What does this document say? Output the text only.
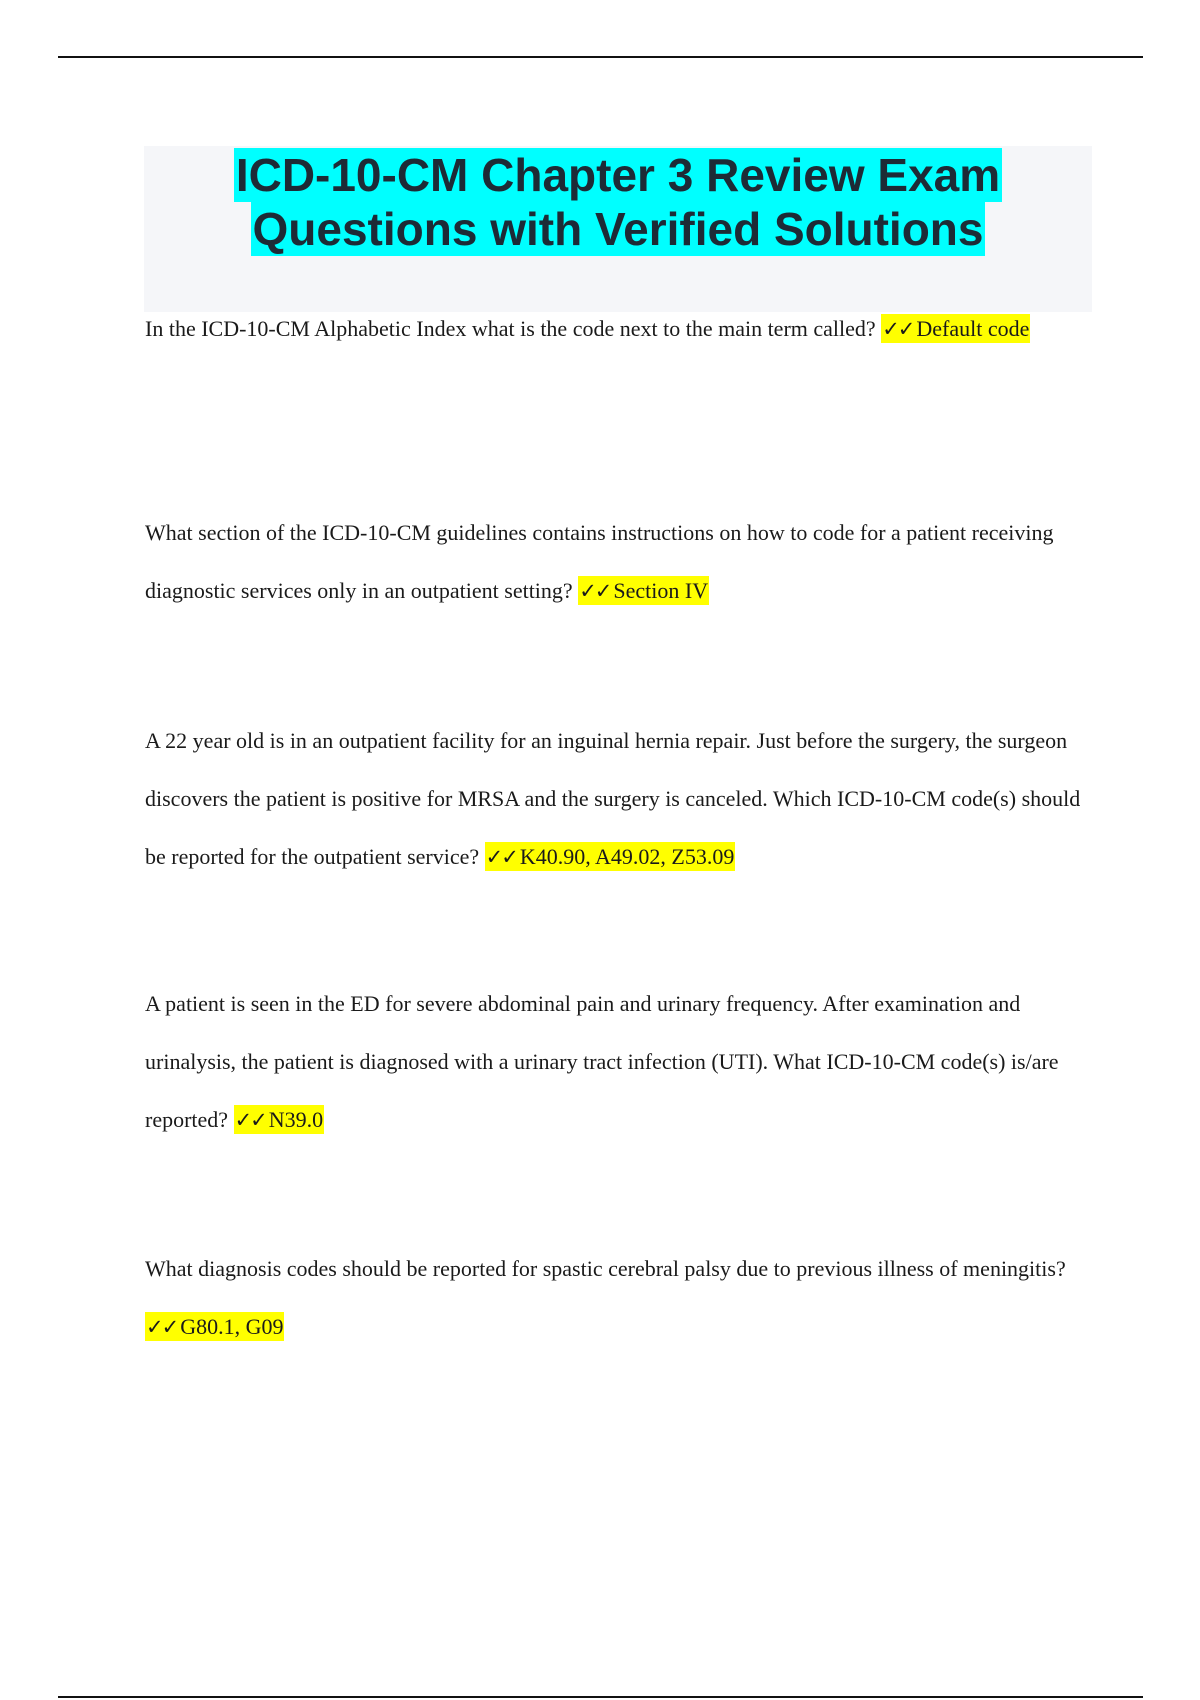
ICD-10-CM Chapter 3 Review Exam
Questions with Verified Solutions

In the ICD-10-CM Alphabetic Index what is the code next to the main term called? ✓✓ Default code

What section of the ICD-10-CM guidelines contains instructions on how to code for a patient receiving diagnostic services only in an outpatient setting? ✓✓ Section IV

A 22 year old is in an outpatient facility for an inguinal hernia repair. Just before the surgery, the surgeon discovers the patient is positive for MRSA and the surgery is canceled. Which ICD-10-CM code(s) should be reported for the outpatient service? ✓✓ K40.90, A49.02, Z53.09

A patient is seen in the ED for severe abdominal pain and urinary frequency. After examination and urinalysis, the patient is diagnosed with a urinary tract infection (UTI). What ICD-10-CM code(s) is/are reported? ✓✓ N39.0

What diagnosis codes should be reported for spastic cerebral palsy due to previous illness of meningitis? ✓✓ G80.1, G09
